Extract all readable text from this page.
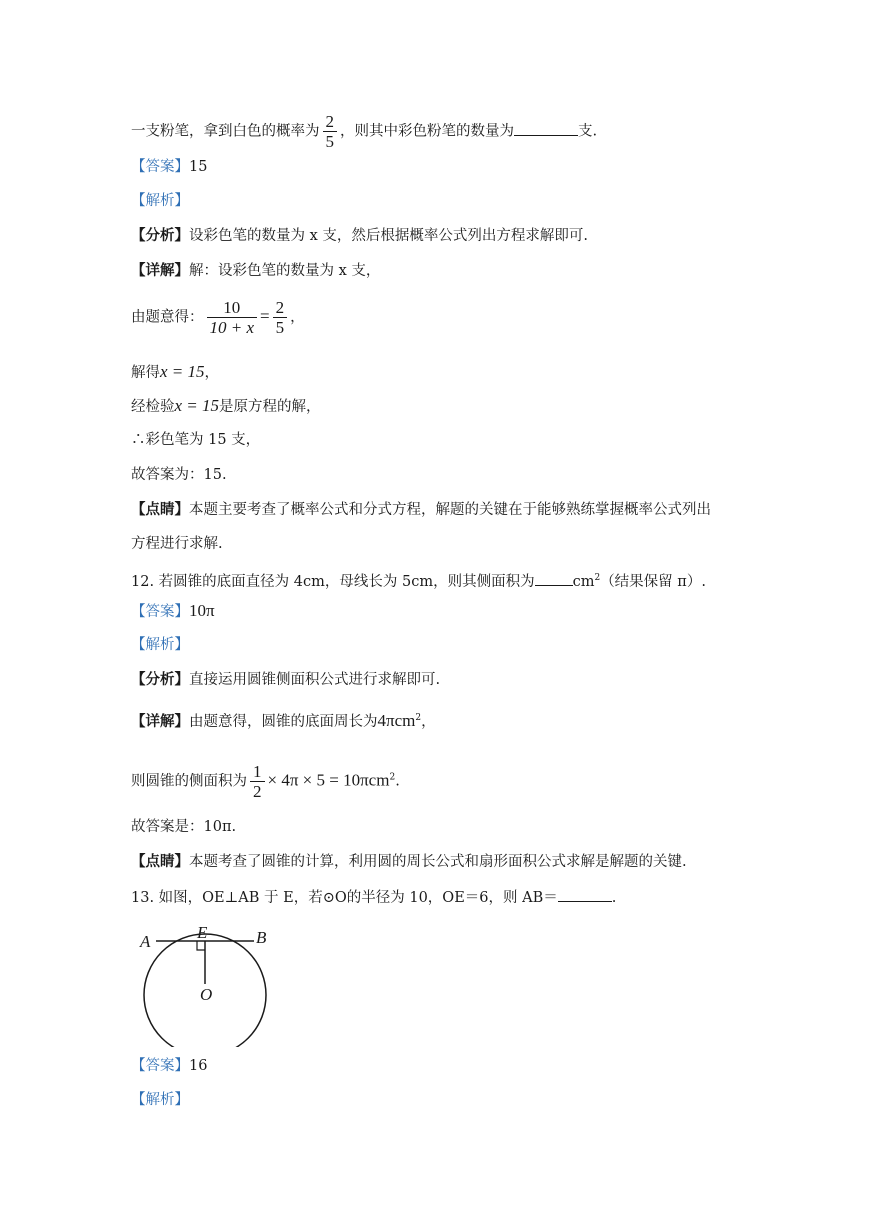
一支粉笔，拿到白色的概率为 $\frac{2}{5}$ ，则其中彩色粉笔的数量为	支.
【答案】15
【解析】
【分析】设彩色笔的数量为 x 支，然后根据概率公式列出方程求解即可.
【详解】解：设彩色笔的数量为 x 支，
由题意得： $\frac{10}{10 + x} = \frac{2}{5}$ ，
解得x = 15，
经检验x = 15是原方程的解，
∴彩色笔为 15 支，
故答案为：15.
【点睛】本题主要考查了概率公式和分式方程，解题的关键在于能够熟练掌握概率公式列出
方程进行求解.
12. 若圆锥的底面直径为 4cm，母线长为 5cm，则其侧面积为	$cm^2$（结果保留 π）.
【答案】10π
【解析】
【分析】直接运用圆锥侧面积公式进行求解即可.
【详解】由题意得，圆锥的底面周长为4πcm$^2$，
则圆锥的侧面积为 $\frac{1}{2} \times 4\pi \times 5 = 10\pi cm^2$.
故答案是：10π.
【点睛】本题考查了圆锥的计算，利用圆的周长公式和扇形面积公式求解是解题的关键.
13. 如图，OE⊥AB 于 E，若⊙O的半径为 10，OE＝6，则 AB＝	.
A	E	B
O
【答案】16
【解析】
